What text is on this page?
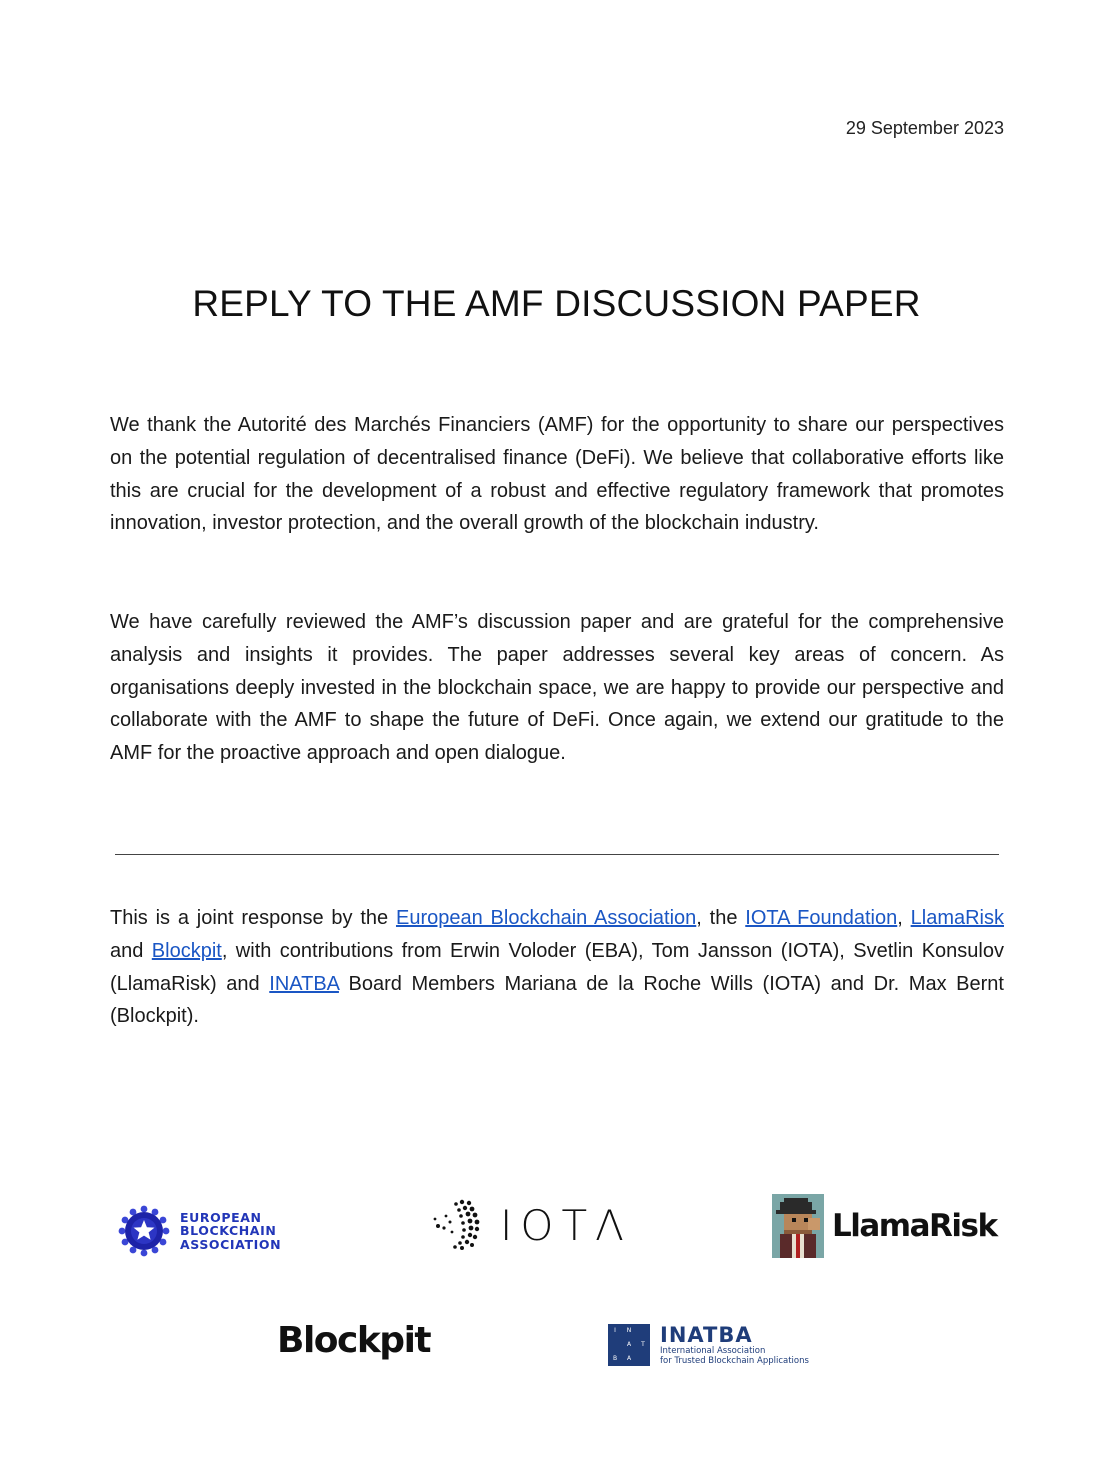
29 September 2023
REPLY TO THE AMF DISCUSSION PAPER

We thank the Autorité des Marchés Financiers (AMF) for the opportunity to share our perspectives on the potential regulation of decentralised finance (DeFi). We believe that collaborative efforts like this are crucial for the development of a robust and effective regulatory framework that promotes innovation, investor protection, and the overall growth of the blockchain industry.

We have carefully reviewed the AMF’s discussion paper and are grateful for the comprehensive analysis and insights it provides. The paper addresses several key areas of concern. As organisations deeply invested in the blockchain space, we are happy to provide our perspective and collaborate with the AMF to shape the future of DeFi. Once again, we extend our gratitude to the AMF for the proactive approach and open dialogue.

This is a joint response by the European Blockchain Association, the IOTA Foundation, LlamaRisk and Blockpit, with contributions from Erwin Voloder (EBA), Tom Jansson (IOTA), Svetlin Konsulov (LlamaRisk) and INATBA Board Members Mariana de la Roche Wills (IOTA) and Dr. Max Bernt (Blockpit).

EUROPEAN
BLOCKCHAIN
ASSOCIATION	IOTΛ	LlamaRisk
Blockpit	I	N
A	T
B	A
INATBA
International Association
for Trusted Blockchain Applications
